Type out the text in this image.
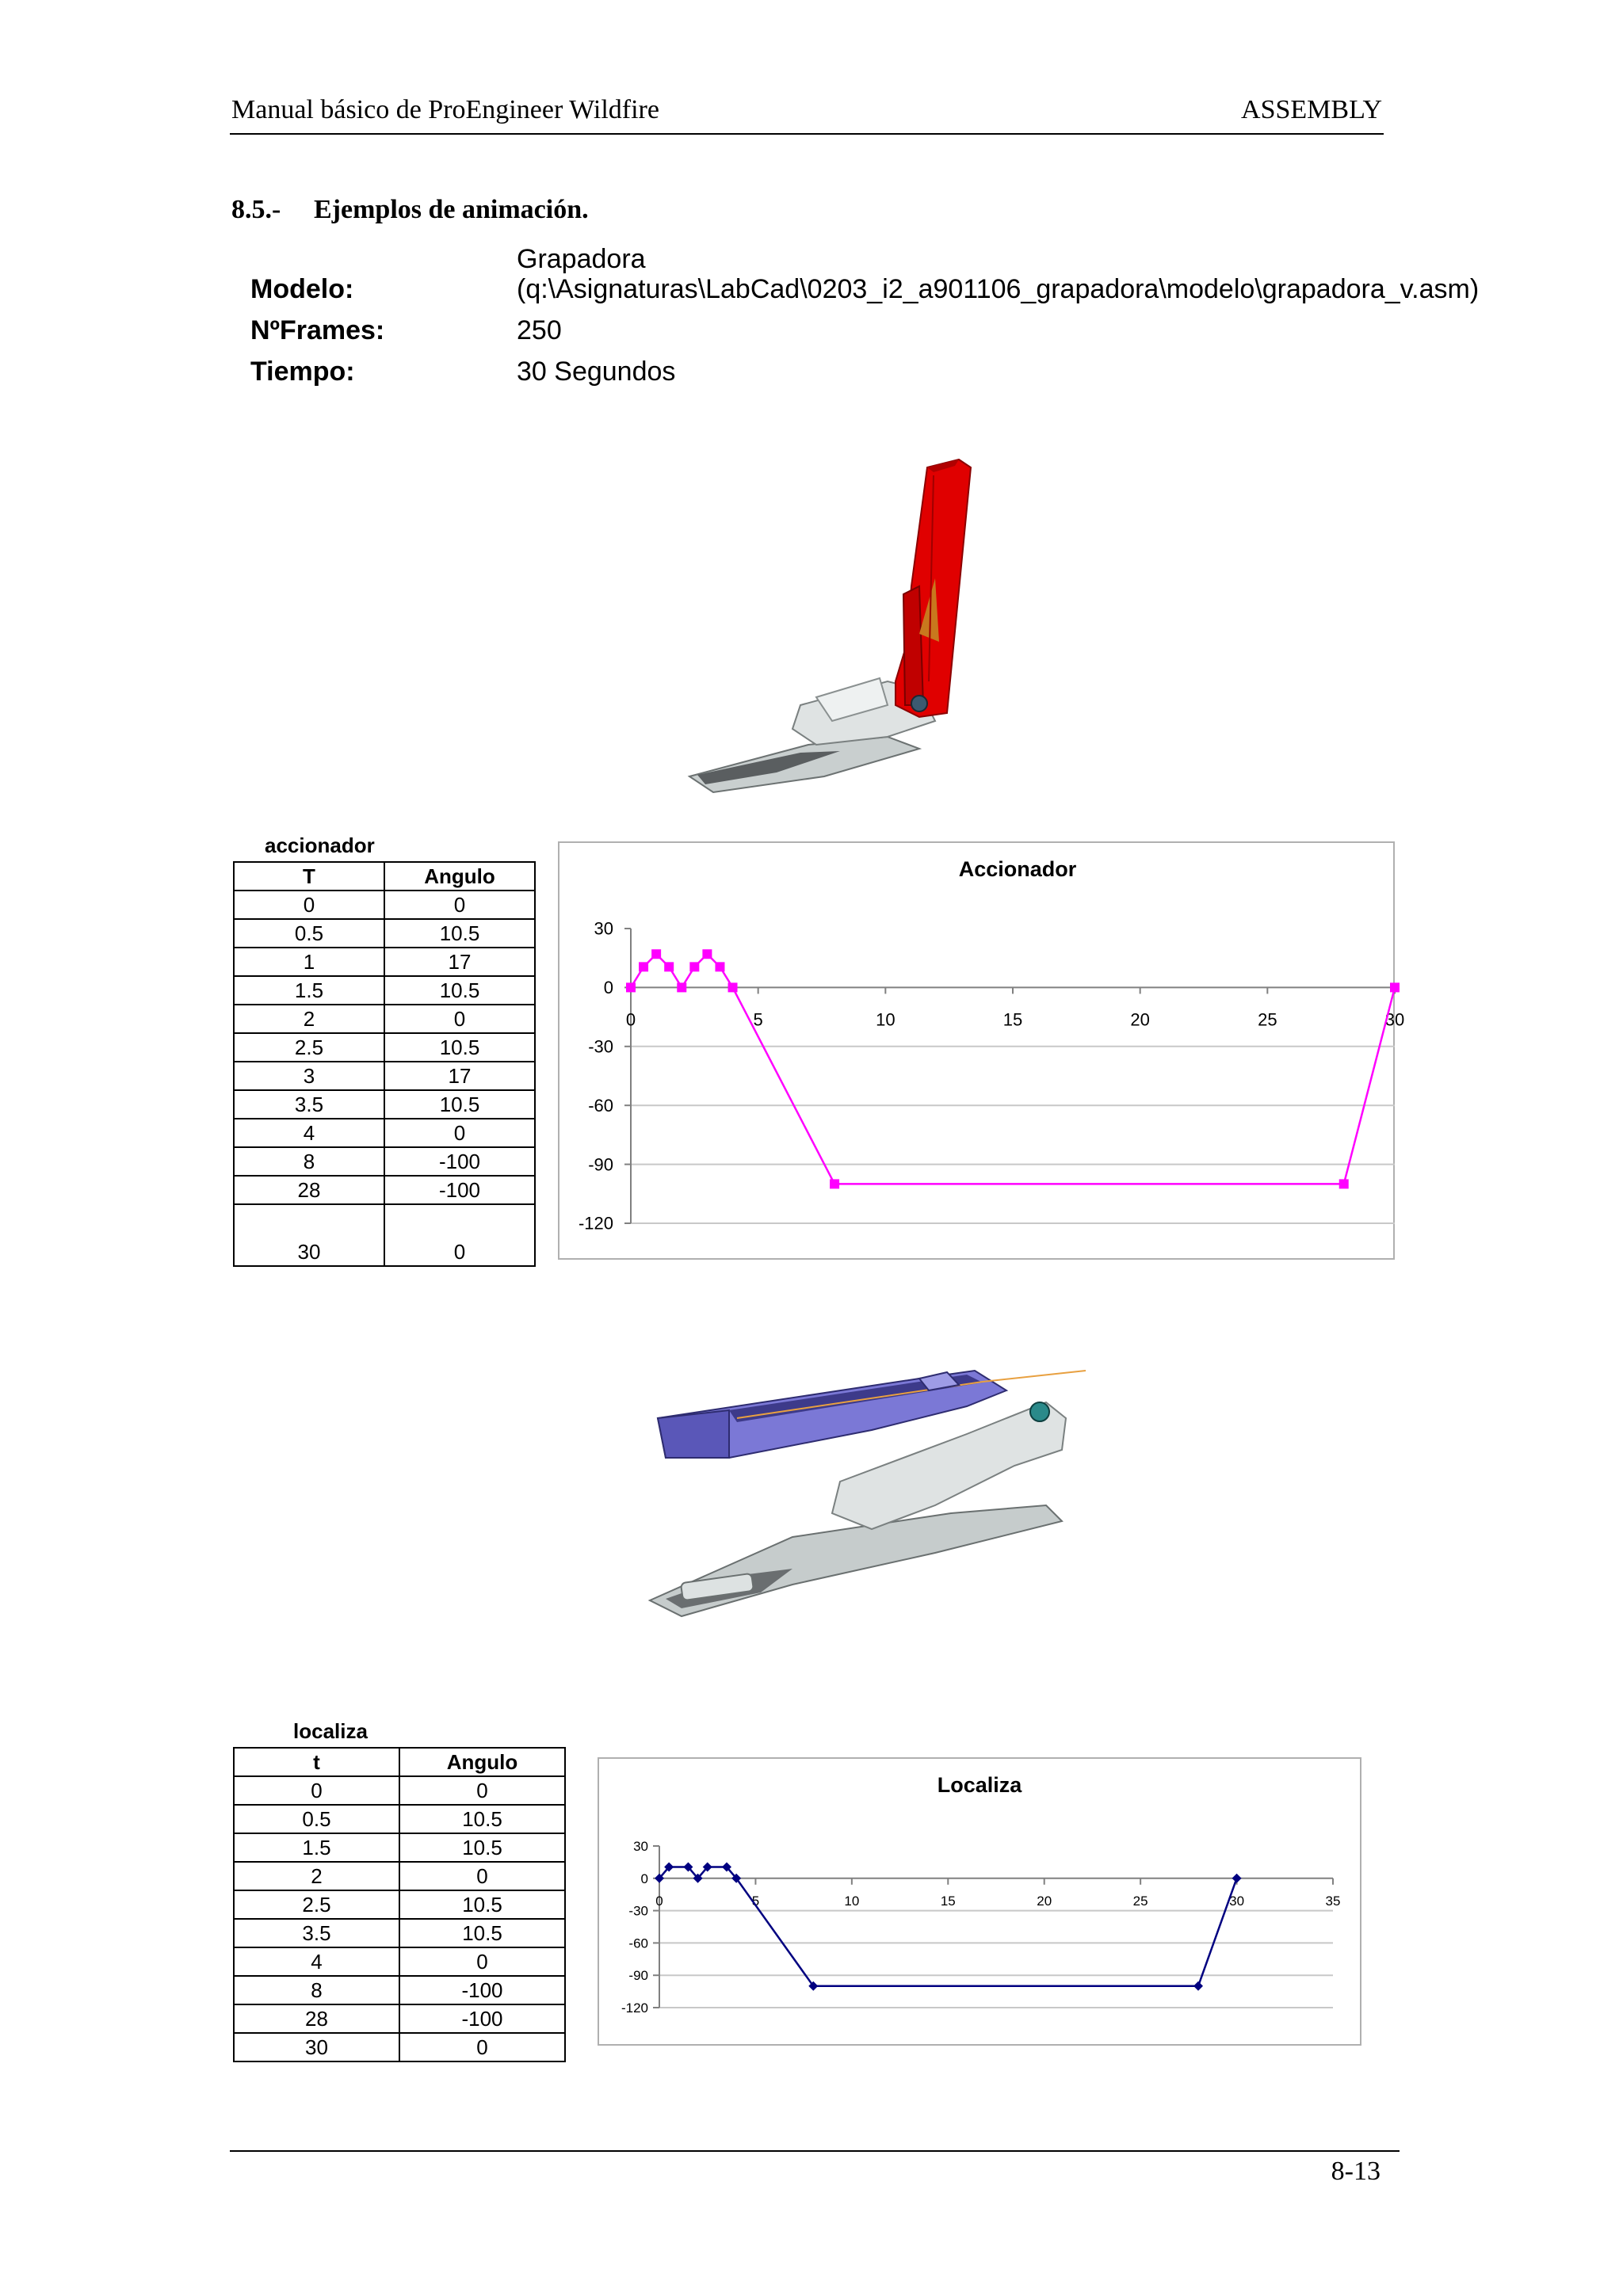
Manual básico de ProEngineer Wildfire	ASSEMBLY
8.5.- Ejemplos de animación.
Modelo:
Grapadora
(q:\Asignaturas\LabCad\0203_i2_a901106_grapadora\modelo\grapadora_v.asm)
NºFrames:	250
Tiempo:	30 Segundos
accionador
T	Angulo
0	0
0.5	10.5
1	17
1.5	10.5
2	0
2.5	10.5
3	17
3.5	10.5
4	0
8	-100
28	-100
30	0
Accionador
30
0
-30
-60
-90
-120
0	5	10	15	20	25	30
localiza
t	Angulo
0	0
0.5	10.5
1.5	10.5
2	0
2.5	10.5
3.5	10.5
4	0
8	-100
28	-100
30	0
Localiza
30
0
-30
-60
-90
-120
0	5	10	15	20	25	30	35
8-13
